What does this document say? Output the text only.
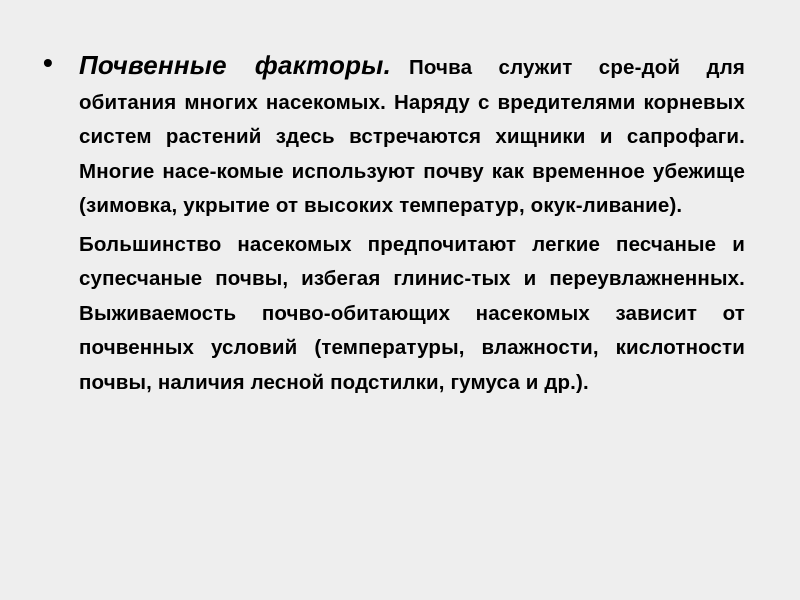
• Почвенные факторы. Почва служит сре-дой для обитания многих насекомых. Наряду с вредителями корневых систем растений здесь встречаются хищники и сапрофаги. Многие насе-комые используют почву как временное убежище (зимовка, укрытие от высоких температур, окук-ливание).

Большинство насекомых предпочитают легкие песчаные и супесчаные почвы, избегая глинис-тых и переувлажненных. Выживаемость почво-обитающих насекомых зависит от почвенных условий (температуры, влажности, кислотности почвы, наличия лесной подстилки, гумуса и др.).
